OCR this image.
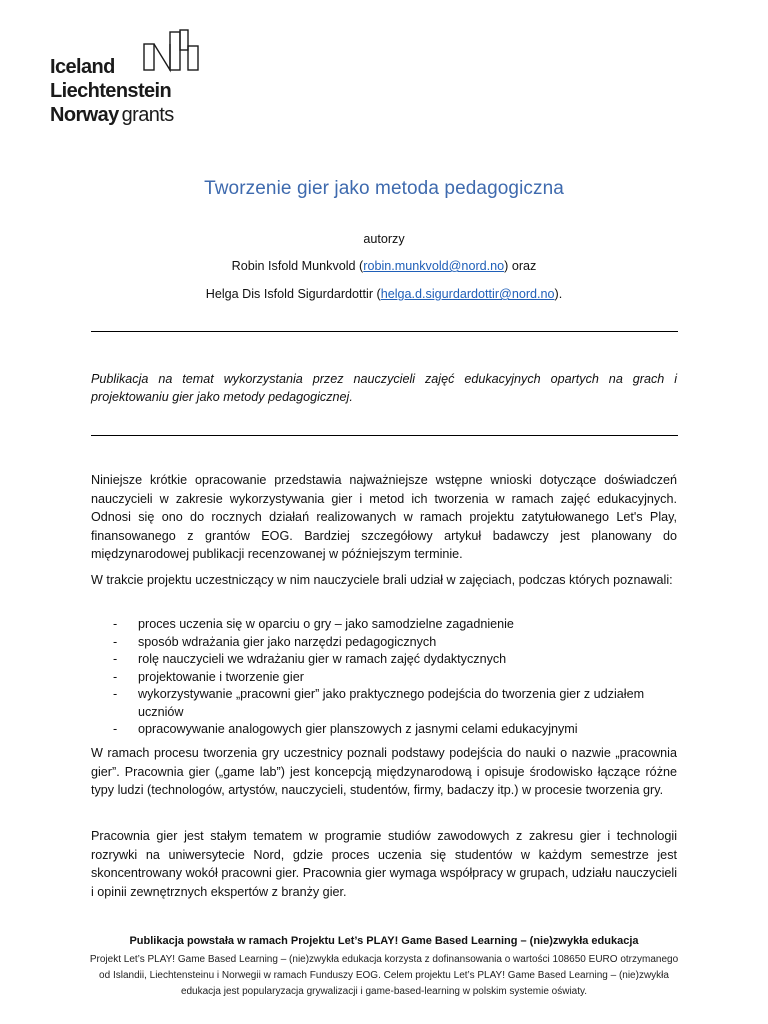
Iceland
Liechtenstein
Norway grants
Tworzenie gier jako metoda pedagogiczna
autorzy
Robin Isfold Munkvold (robin.munkvold@nord.no) oraz
Helga Dis Isfold Sigurdardottir (helga.d.sigurdardottir@nord.no).
Publikacja na temat wykorzystania przez nauczycieli zajęć edukacyjnych opartych na grach i projektowaniu gier jako metody pedagogicznej.
Niniejsze krótkie opracowanie przedstawia najważniejsze wstępne wnioski dotyczące doświadczeń nauczycieli w zakresie wykorzystywania gier i metod ich tworzenia w ramach zajęć edukacyjnych. Odnosi się ono do rocznych działań realizowanych w ramach projektu zatytułowanego Let's Play, finansowanego z grantów EOG. Bardziej szczegółowy artykuł badawczy jest planowany do międzynarodowej publikacji recenzowanej w późniejszym terminie.
W trakcie projektu uczestniczący w nim nauczyciele brali udział w zajęciach, podczas których poznawali:
- proces uczenia się w oparciu o gry – jako samodzielne zagadnienie
- sposób wdrażania gier jako narzędzi pedagogicznych
- rolę nauczycieli we wdrażaniu gier w ramach zajęć dydaktycznych
- projektowanie i tworzenie gier
- wykorzystywanie „pracowni gier” jako praktycznego podejścia do tworzenia gier z udziałem uczniów
- opracowywanie analogowych gier planszowych z jasnymi celami edukacyjnymi
W ramach procesu tworzenia gry uczestnicy poznali podstawy podejścia do nauki o nazwie „pracownia gier”. Pracownia gier („game lab”) jest koncepcją międzynarodową i opisuje środowisko łączące różne typy ludzi (technologów, artystów, nauczycieli, studentów, firmy, badaczy itp.) w procesie tworzenia gry.
Pracownia gier jest stałym tematem w programie studiów zawodowych z zakresu gier i technologii rozrywki na uniwersytecie Nord, gdzie proces uczenia się studentów w każdym semestrze jest skoncentrowany wokół pracowni gier. Pracownia gier wymaga współpracy w grupach, udziału nauczycieli i opinii zewnętrznych ekspertów z branży gier.
Publikacja powstała w ramach Projektu Let’s PLAY! Game Based Learning – (nie)zwykła edukacja
Projekt Let’s PLAY! Game Based Learning – (nie)zwykła edukacja korzysta z dofinansowania o wartości 108650 EURO otrzymanego od Islandii, Liechtensteinu i Norwegii w ramach Funduszy EOG. Celem projektu Let’s PLAY! Game Based Learning – (nie)zwykła edukacja jest popularyzacja grywalizacji i game-based-learning w polskim systemie oświaty.
